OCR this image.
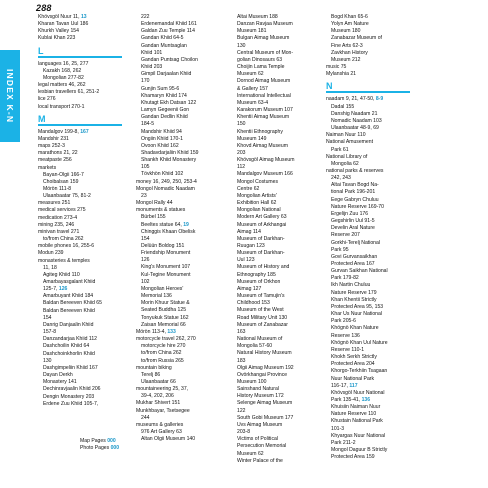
288
INDEX K-N
Khövsgöl Nuur 11, 13
Kharan Tavan Uul 186
Khurkh Valley 154
Kublai Khan 223
L
languages 16, 25, 277
Kazakh 168, 262
Mongolian 277-82
legal matters 46, 262
lesbian travellers 61, 251-2
lice 276
local transport 270-1
M
Mandalgov 199-8, 167
Mandshir 231
maps 252-3
marathons 21, 22
meatpaste 256
markets
Bayan-Ölgii 166-7
Choibalsan 159
Mörön 111-8
Ulaanbaatar 75, 81-2
measures 251
medical services 275
medication 273-4
mining 235, 246
minivan travel 271
to/from China 262
mobile phones 16, 255-6
Modun 239
monasteries & temples
11, 18
Agiteg Khiid 110
Amarbayasgalant Khiid
125-7, 126
Amarbuyant Khiid 184
Baldan Bereeven Khiid 65
Baldan Bereeven Khiid
154
Danrig Danjaalin Khiid
157-8
Danzandarjaa Khiid 112
Dashchoilin Khiid 64
Dashchoinkhorlin Khiid
130
Dashgimpeliin Khiid 167
Dayan Derkh
Monastery 141
Dechinravjaalin Khiid 206
Dengin Monastery 203
Erdene Zuu Khiid 105-7,
222
Erdenemandal Khiid 161
Galdan Zuu Temple 114
Gandan Khiid 64-5
Gandan Muntsaglan
Khiid 101
Gandan Puntsag Choilon
Khiid 203
Gimpil Darjaalan Khiid
170
Gunjin Sum 95-6
Khamaryn Khiid 174
Khutagt Ekh Datsan 122
Lamyn Gegeenii Gon
Gandan Dedlin Khiid
184-5
Mandshir Khiid 94
Ongiin Khiid 170-1
Ovoon Khiid 162
Shadavdarjaliin Khiid 159
Shankh Khiid Monastery
105
Tövkhön Khiid 102
money 16, 249, 250, 253-4
Mongol Nomadic Naadam
23
Mongol Rally 44
monuments & statues
Bürbel 155
Beeltes statue 64, 19
Chinggis Khaan Obelisk
154
Delüün Boldog 151
Friendship Monument
126
King's Monument 107
Kul-Tegine Monument
102
Mongolian Heroes'
Memorial 136
Morin Khuur Statue &
Seated Buddha 125
Tonyukuk Statue 162
Zaisan Memorial 66
Mörön 113-4, 133
motorcycle travel 262, 270
motorcycle hire 270
to/from China 262
to/from Russia 265
mountain biking
Terelj 86
Ulaanbaatar 66
mountaineering 25, 37,
39-4, 202, 206
Mukhar Shivert 151
Munkhbayar, Tsetsegee
244
museums & galleries
976 Art Gallery 63
Altan Ölgii Museum 140
Altai Museum 188
Danzan Ravjaa Museum
Museum 181
Bulgan Aimag Museum
130
Central Museum of Mon-
golian Dinosaurs 63
Choijin Lama Temple
Museum 62
Dornod Aimag Museum
& Gallery 157
International Intellectual
Museum 63-4
Karakorum Museum 107
Khentii Aimag Museum
150
Khentii Ethnography
Museum 149
Khovd Aimag Museum
203
Khövsgöl Aimag Museum
112
Mandalgov Museum 166
Mongol Costumes
Centre 62
Mongolian Artists'
Exhibition Hall 62
Mongolian National
Modern Art Gallery 63
Museum of Arkhangai
Aimag 114
Museum of Darkhan-
Ruugan 123
Museum of Darkhan-
Uul 123
Museum of History and
Ethnography 185
Museum of Orkhon
Aimag 127
Museum of Tamujin's
Childhood 153
Museum of the West
Road Military Unit 130
Museum of Zanabazar
163
National Museum of
Mongolia 57-60
Natural History Museum
183
Olgii Aimag Museum 192
Övörkhangai Province
Museum 100
Sainshand Natural
History Museum 172
Selenge Aimag Museum
122
South Gobi Museum 177
Uvs Aimag Museum
203-8
Victims of Political
Persecution Memorial
Museum 62
Winter Palace of the
Bogd Khan 65-6
Yolyn Am Nature
Museum 180
Zanabazar Museum of
Fine Arts 62-3
Zavkhan History
Museum 212
music 75
Mylanshia 21
N
naadam 9, 21, 47-50, 8-9
Dadal 155
Danshig Naadam 21
Nomadic Naadam 103
Ulaanbaatar 48-9, 69
Naiman Nuur 110
National Amusement
Park 61
National Library of
Mongolia 62
national parks & reserves
242, 243
Altai Tavan Bogd Na-
tional Park 196-201
Eege Gabryn Chuluu
Nature Reserve 169-70
Ergelijn Zuu 176
Gegshirlin Uul 91-5
Develin Aral Nature
Reserve 207
Gorkhi-Terelj National
Park 95
Govi Gurvansaikhan
Protected Area 167
Gurvan Saikhan National
Park 179-82
Ikh Nartin Chuluu
Nature Reserve 179
Khan Khentii Strictly
Protected Area 95, 153
Khar Us Nuur National
Park 205-6
Khögnö Khan Nature
Reserve 136
Khögnö Khan Uul Nature
Reserve 110-1
Khokh Serkh Strictly
Protected Area 204
Khorgo-Terkhiin Tsagaan
Nuur National Park
116-17, 117
Khövsgöl Nuur National
Park 135-41, 136
Khuisiin Naiman Nuur
Nature Reserve 110
Khustain National Park
101-3
Khyargas Nuur National
Park 211-2
Mongol Daguur B Strictly
Protected Area 159
Map Pages 000
Photo Pages 000
